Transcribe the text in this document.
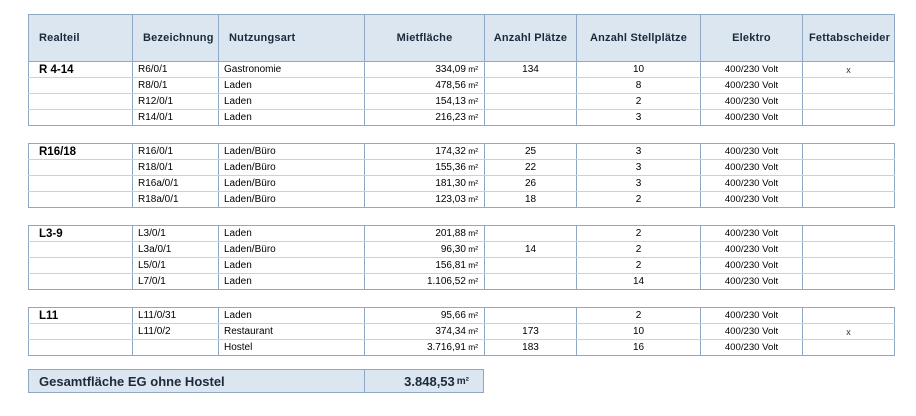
Realteil	Bezeichnung	Nutzungsart	Mietfläche	Anzahl Plätze	Anzahl Stellplätze	Elektro	Fettabscheider
R 4-14	R6/0/1	Gastronomie	334,09 m²	134	10	400/230 Volt	x
	R8/0/1	Laden	478,56 m²		8	400/230 Volt	
	R12/0/1	Laden	154,13 m²		2	400/230 Volt	
	R14/0/1	Laden	216,23 m²		3	400/230 Volt	

R16/18	R16/0/1	Laden/Büro	174,32 m²	25	3	400/230 Volt	
	R18/0/1	Laden/Büro	155,36 m²	22	3	400/230 Volt	
	R16a/0/1	Laden/Büro	181,30 m²	26	3	400/230 Volt	
	R18a/0/1	Laden/Büro	123,03 m²	18	2	400/230 Volt	

L3-9	L3/0/1	Laden	201,88 m²		2	400/230 Volt	
	L3a/0/1	Laden/Büro	96,30 m²	14	2	400/230 Volt	
	L5/0/1	Laden	156,81 m²		2	400/230 Volt	
	L7/0/1	Laden	1.106,52 m²		14	400/230 Volt	

L11	L11/0/31	Laden	95,66 m²		2	400/230 Volt	
	L11/0/2	Restaurant	374,34 m²	173	10	400/230 Volt	x
		Hostel	3.716,91 m²	183	16	400/230 Volt	
Gesamtfläche EG ohne Hostel	3.848,53 m²
